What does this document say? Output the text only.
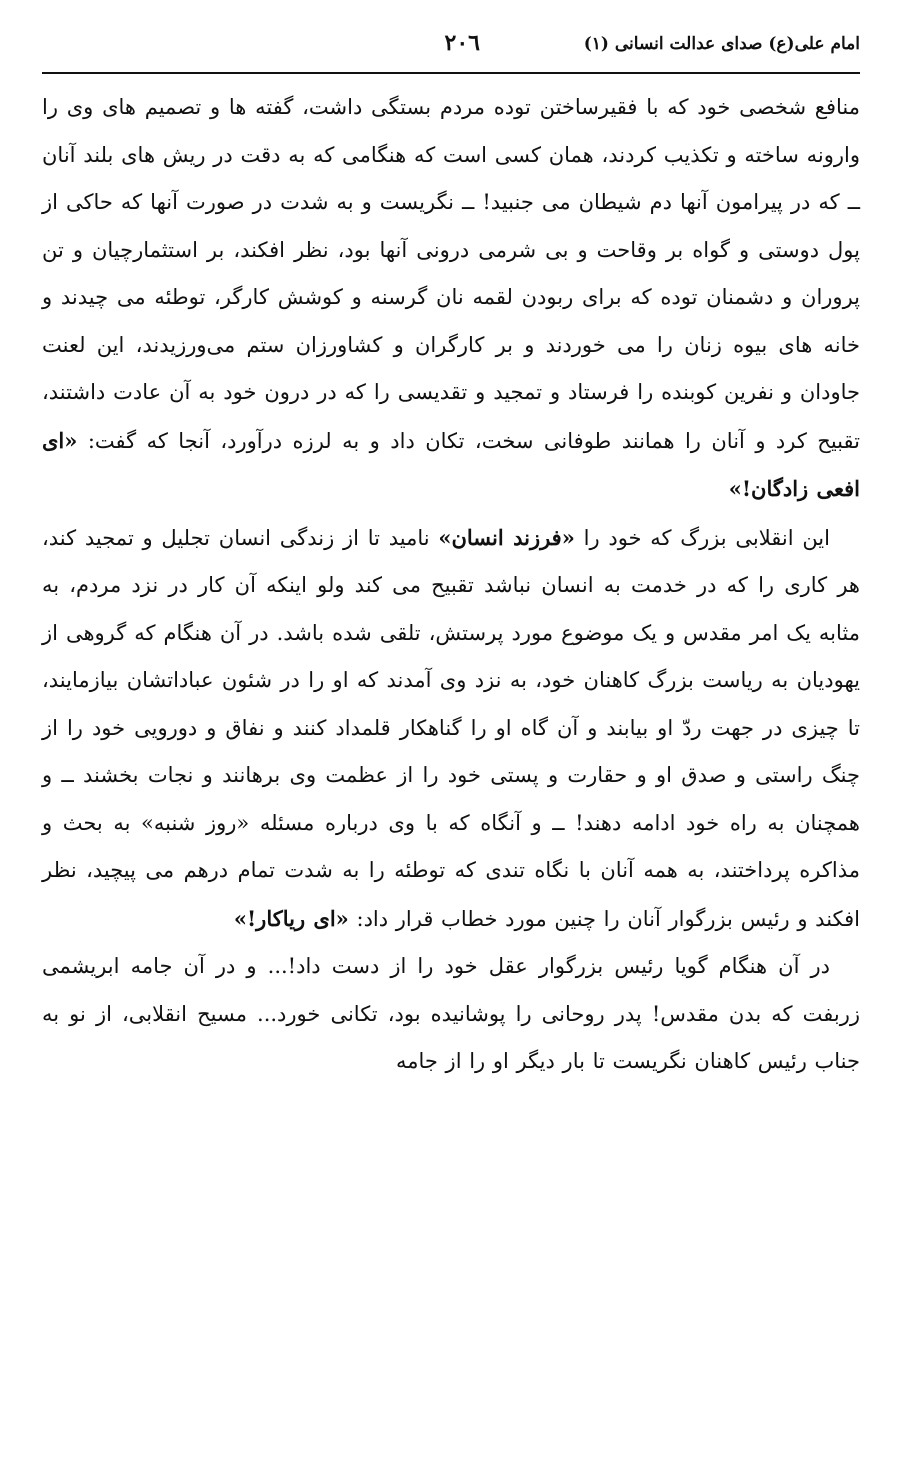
امام علی(ع) صدای عدالت انسانی (١)
٢٠٦

منافع شخصی خود که با فقیرساختن توده مردم بستگی داشت، گفته ها و تصمیم های وی را وارونه ساخته و تکذیب کردند، همان کسی است که هنگامی که به دقت در ریش های بلند آنان ــ که در پیرامون آنها دم شیطان می جنبید! ــ نگریست و به شدت در صورت آنها که حاکی از پول دوستی و گواه بر وقاحت و بی شرمی درونی آنها بود، نظر افکند، بر استثمارچیان و تن پروران و دشمنان توده که برای ربودن لقمه نان گرسنه و کوشش کارگر، توطئه می چیدند و خانه های بیوه زنان را می خوردند و بر کارگران و کشاورزان ستم می‌ورزیدند، این لعنت جاودان و نفرین کوبنده را فرستاد و تمجید و تقدیسی را که در درون خود به آن عادت داشتند، تقبیح کرد و آنان را همانند طوفانی سخت، تکان داد و به لرزه درآورد، آنجا که گفت: «ای افعی زادگان!»

این انقلابی بزرگ که خود را «فرزند انسان» نامید تا از زندگی انسان تجلیل و تمجید کند، هر کاری را که در خدمت به انسان نباشد تقبیح می کند ولو اینکه آن کار در نزد مردم، به مثابه یک امر مقدس و یک موضوع مورد پرستش، تلقی شده باشد. در آن هنگام که گروهی از یهودیان به ریاست بزرگ کاهنان خود، به نزد وی آمدند که او را در شئون عباداتشان بیازمایند، تا چیزی در جهت ردّ او بیابند و آن گاه او را گناهکار قلمداد کنند و نفاق و دورویی خود را از چنگ راستی و صدق او و حقارت و پستی خود را از عظمت وی برهانند و نجات بخشند ــ و همچنان به راه خود ادامه دهند! ــ و آنگاه که با وی درباره مسئله «روز شنبه» به بحث و مذاکره پرداختند، به همه آنان با نگاه تندی که توطئه را به شدت تمام درهم می پیچید، نظر افکند و رئیس بزرگوار آنان را چنین مورد خطاب قرار داد: «ای ریاکار!»

در آن هنگام گویا رئیس بزرگوار عقل خود را از دست داد!... و در آن جامه ابریشمی زربفت که بدن مقدس! پدر روحانی را پوشانیده بود، تکانی خورد... مسیح انقلابی، از نو به جناب رئیس کاهنان نگریست تا بار دیگر او را از جامه
